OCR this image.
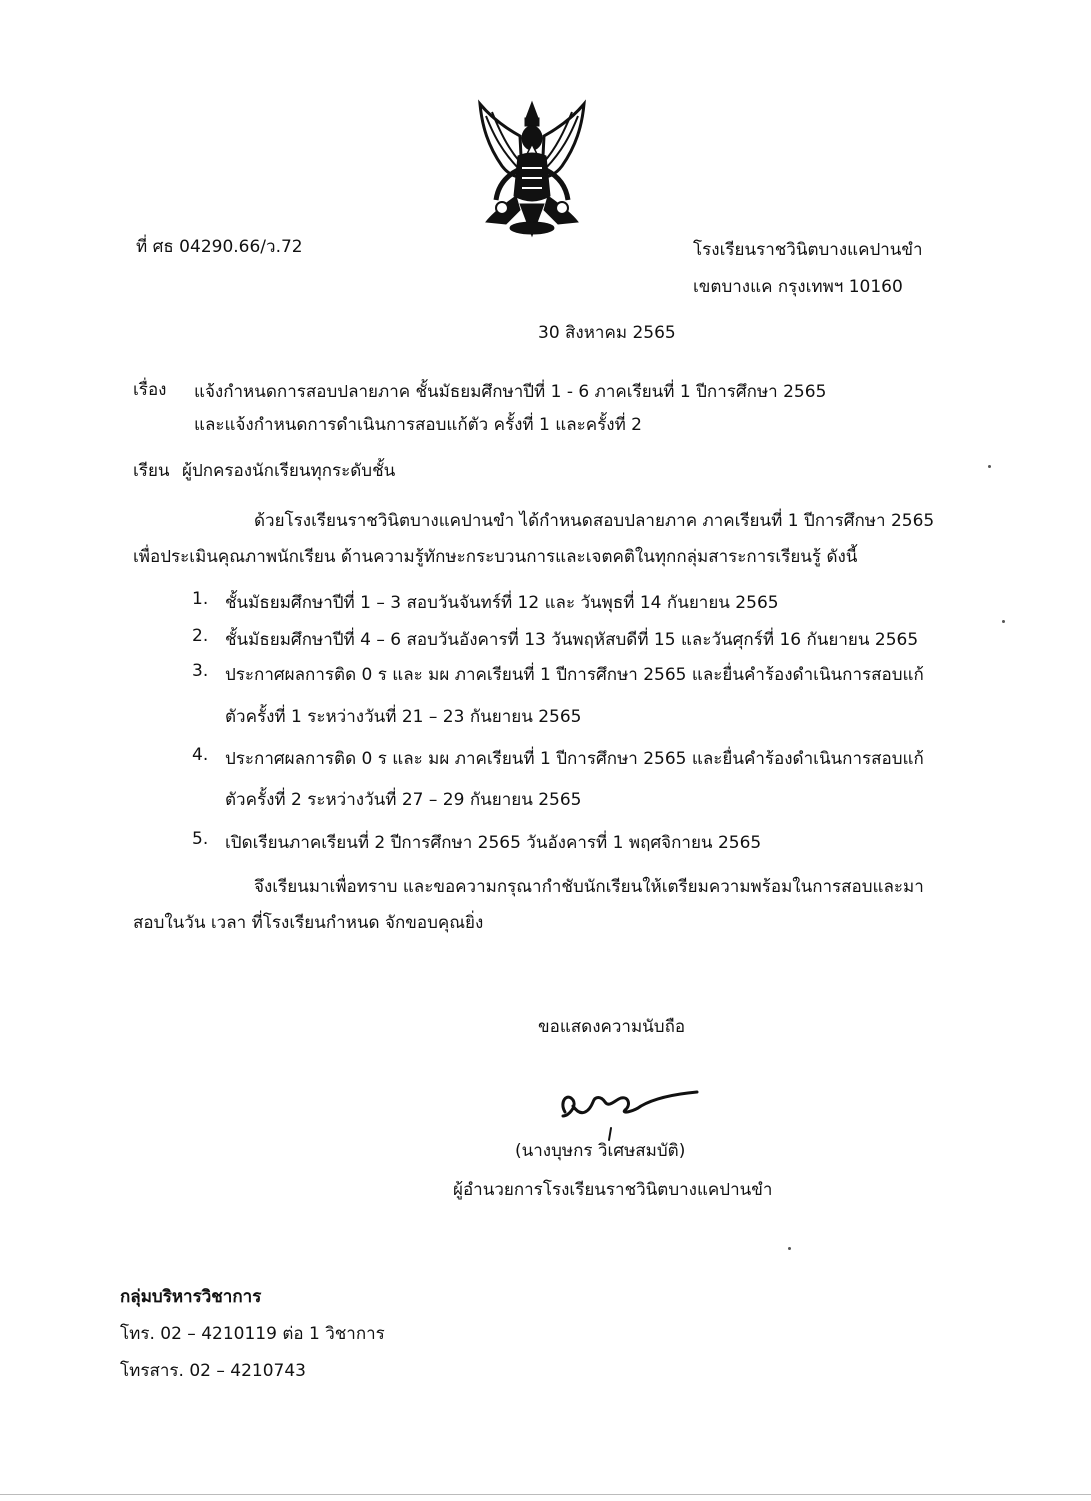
ที่ ศธ 04290.66/ว.72	โรงเรียนราชวินิตบางแคปานขำ
เขตบางแค กรุงเทพฯ 10160
30 สิงหาคม 2565
เรื่อง แจ้งกำหนดการสอบปลายภาค ชั้นมัธยมศึกษาปีที่ 1 - 6 ภาคเรียนที่ 1 ปีการศึกษา 2565
และแจ้งกำหนดการดำเนินการสอบแก้ตัว ครั้งที่ 1 และครั้งที่ 2
เรียน ผู้ปกครองนักเรียนทุกระดับชั้น
ด้วยโรงเรียนราชวินิตบางแคปานขำ ได้กำหนดสอบปลายภาค ภาคเรียนที่ 1 ปีการศึกษา 2565
เพื่อประเมินคุณภาพนักเรียน ด้านความรู้ทักษะกระบวนการและเจตคติในทุกกลุ่มสาระการเรียนรู้ ดังนี้
1. ชั้นมัธยมศึกษาปีที่ 1 – 3 สอบวันจันทร์ที่ 12 และ วันพุธที่ 14 กันยายน 2565
2. ชั้นมัธยมศึกษาปีที่ 4 – 6 สอบวันอังคารที่ 13 วันพฤหัสบดีที่ 15 และวันศุกร์ที่ 16 กันยายน 2565
3. ประกาศผลการติด 0 ร และ มผ ภาคเรียนที่ 1 ปีการศึกษา 2565 และยื่นคำร้องดำเนินการสอบแก้
ตัวครั้งที่ 1 ระหว่างวันที่ 21 – 23 กันยายน 2565
4. ประกาศผลการติด 0 ร และ มผ ภาคเรียนที่ 1 ปีการศึกษา 2565 และยื่นคำร้องดำเนินการสอบแก้
ตัวครั้งที่ 2 ระหว่างวันที่ 27 – 29 กันยายน 2565
5. เปิดเรียนภาคเรียนที่ 2 ปีการศึกษา 2565 วันอังคารที่ 1 พฤศจิกายน 2565
จึงเรียนมาเพื่อทราบ และขอความกรุณากำชับนักเรียนให้เตรียมความพร้อมในการสอบและมา
สอบในวัน เวลา ที่โรงเรียนกำหนด จักขอบคุณยิ่ง
ขอแสดงความนับถือ
(นางบุษกร วิเศษสมบัติ)
ผู้อำนวยการโรงเรียนราชวินิตบางแคปานขำ
กลุ่มบริหารวิชาการ
โทร. 02 – 4210119 ต่อ 1 วิชาการ
โทรสาร. 02 – 4210743
